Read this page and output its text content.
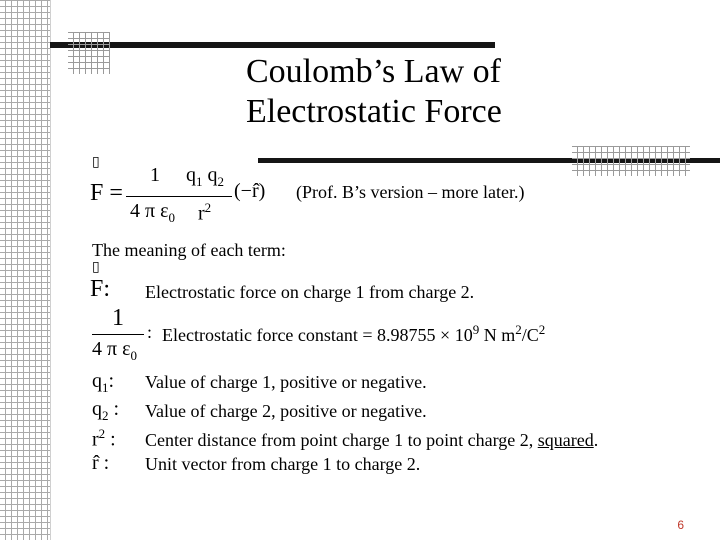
Coulomb’s Law of
Electrostatic Force
▯
F =
1
4 π $\varepsilon_0$
$q_1$ $q_2$
$r^2$
(−r̂) (Prof. B’s version – more later.)
The meaning of each term:
▯
F: Electrostatic force on charge 1 from charge 2.
1
4 π $\varepsilon_0$
: Electrostatic force constant = $8.98755 \times 10^9$ N $m^2/C^2$
$q_1$: Value of charge 1, positive or negative.
$q_2$ : Value of charge 2, positive or negative.
$r^2$ : Center distance from point charge 1 to point charge 2, squared.
r̂ : Unit vector from charge 1 to charge 2.
6
